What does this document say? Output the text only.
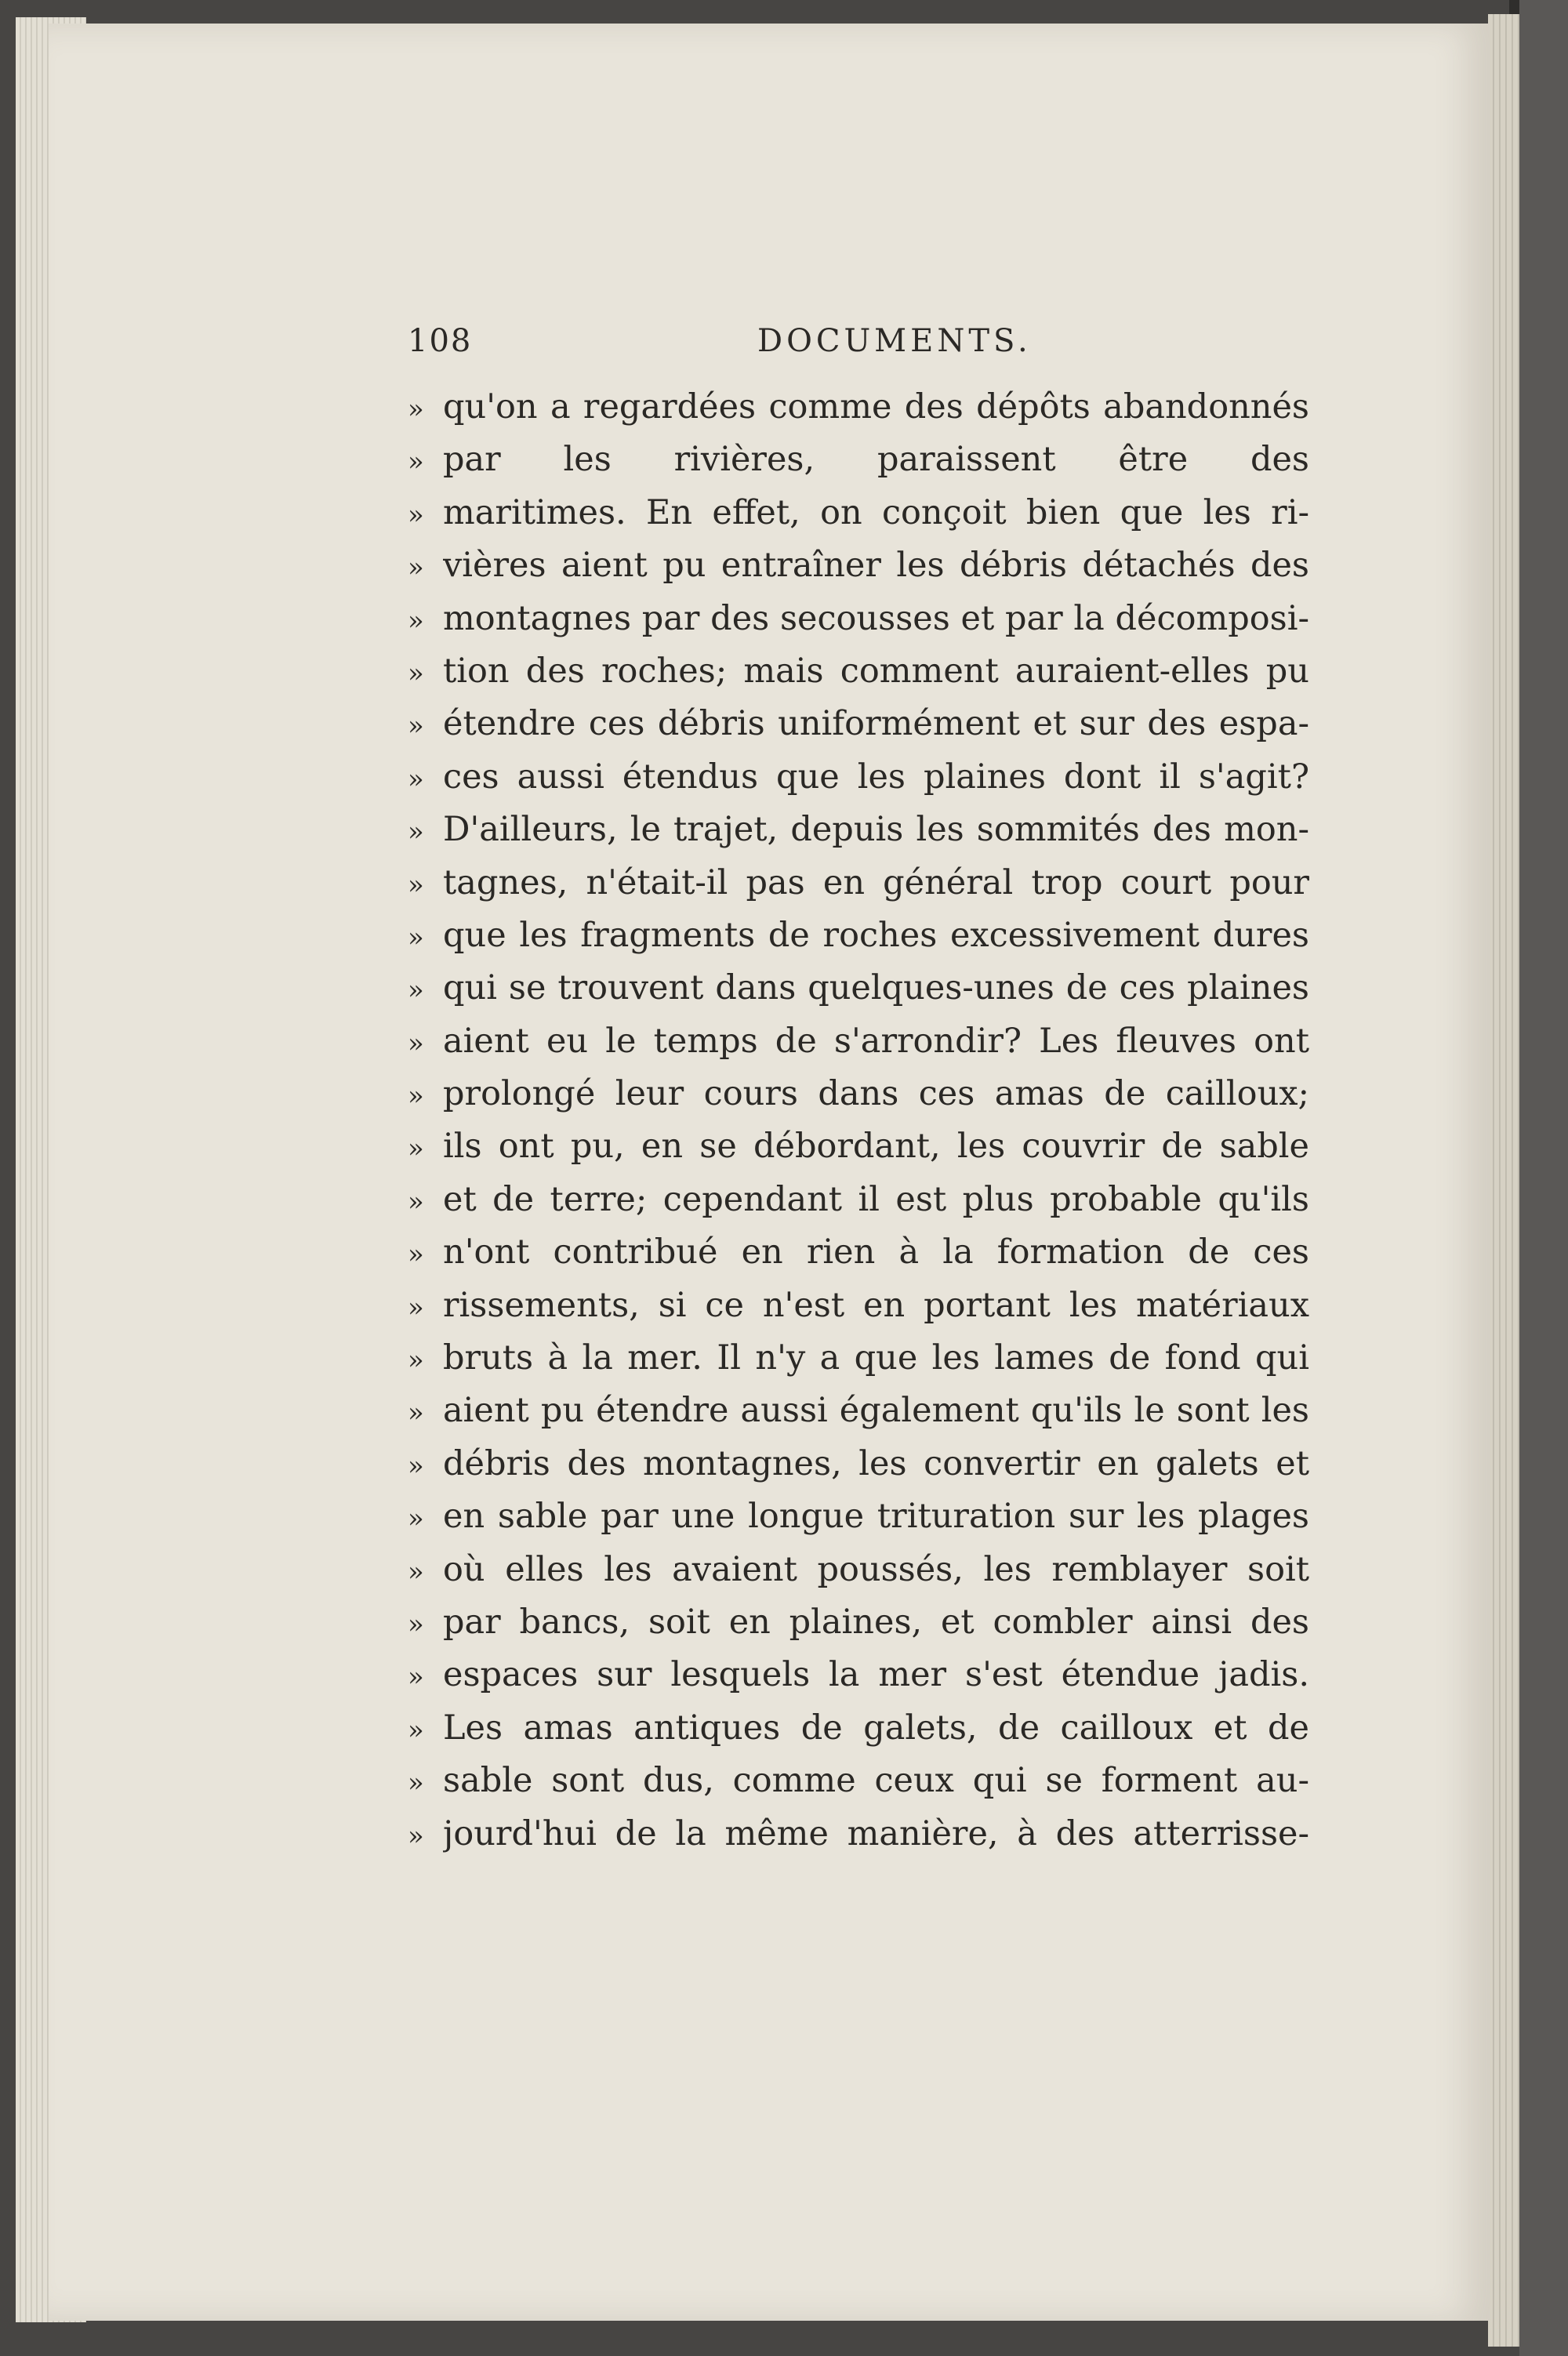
108	DOCUMENTS.
» qu'on a regardées comme des dépôts abandonnés
» par les rivières, paraissent être des
» maritimes. En effet, on conçoit bien que les ri-
» vières aient pu entraîner les débris détachés des
» montagnes par des secousses et par la décomposi-
» tion des roches; mais comment auraient-elles pu
» étendre ces débris uniformément et sur des espa-
» ces aussi étendus que les plaines dont il s'agit?
» D'ailleurs, le trajet, depuis les sommités des mon-
» tagnes, n'était-il pas en général trop court pour
» que les fragments de roches excessivement dures
» qui se trouvent dans quelques-unes de ces plaines
» aient eu le temps de s'arrondir? Les fleuves ont
» prolongé leur cours dans ces amas de cailloux;
» ils ont pu, en se débordant, les couvrir de sable
» et de terre; cependant il est plus probable qu'ils
» n'ont contribué en rien à la formation de ces
» rissements, si ce n'est en portant les matériaux
» bruts à la mer. Il n'y a que les lames de fond qui
» aient pu étendre aussi également qu'ils le sont les
» débris des montagnes, les convertir en galets et
» en sable par une longue trituration sur les plages
» où elles les avaient poussés, les remblayer soit
» par bancs, soit en plaines, et combler ainsi des
» espaces sur lesquels la mer s'est étendue jadis.
» Les amas antiques de galets, de cailloux et de
» sable sont dus, comme ceux qui se forment au-
» jourd'hui de la même manière, à des atterrisse-
